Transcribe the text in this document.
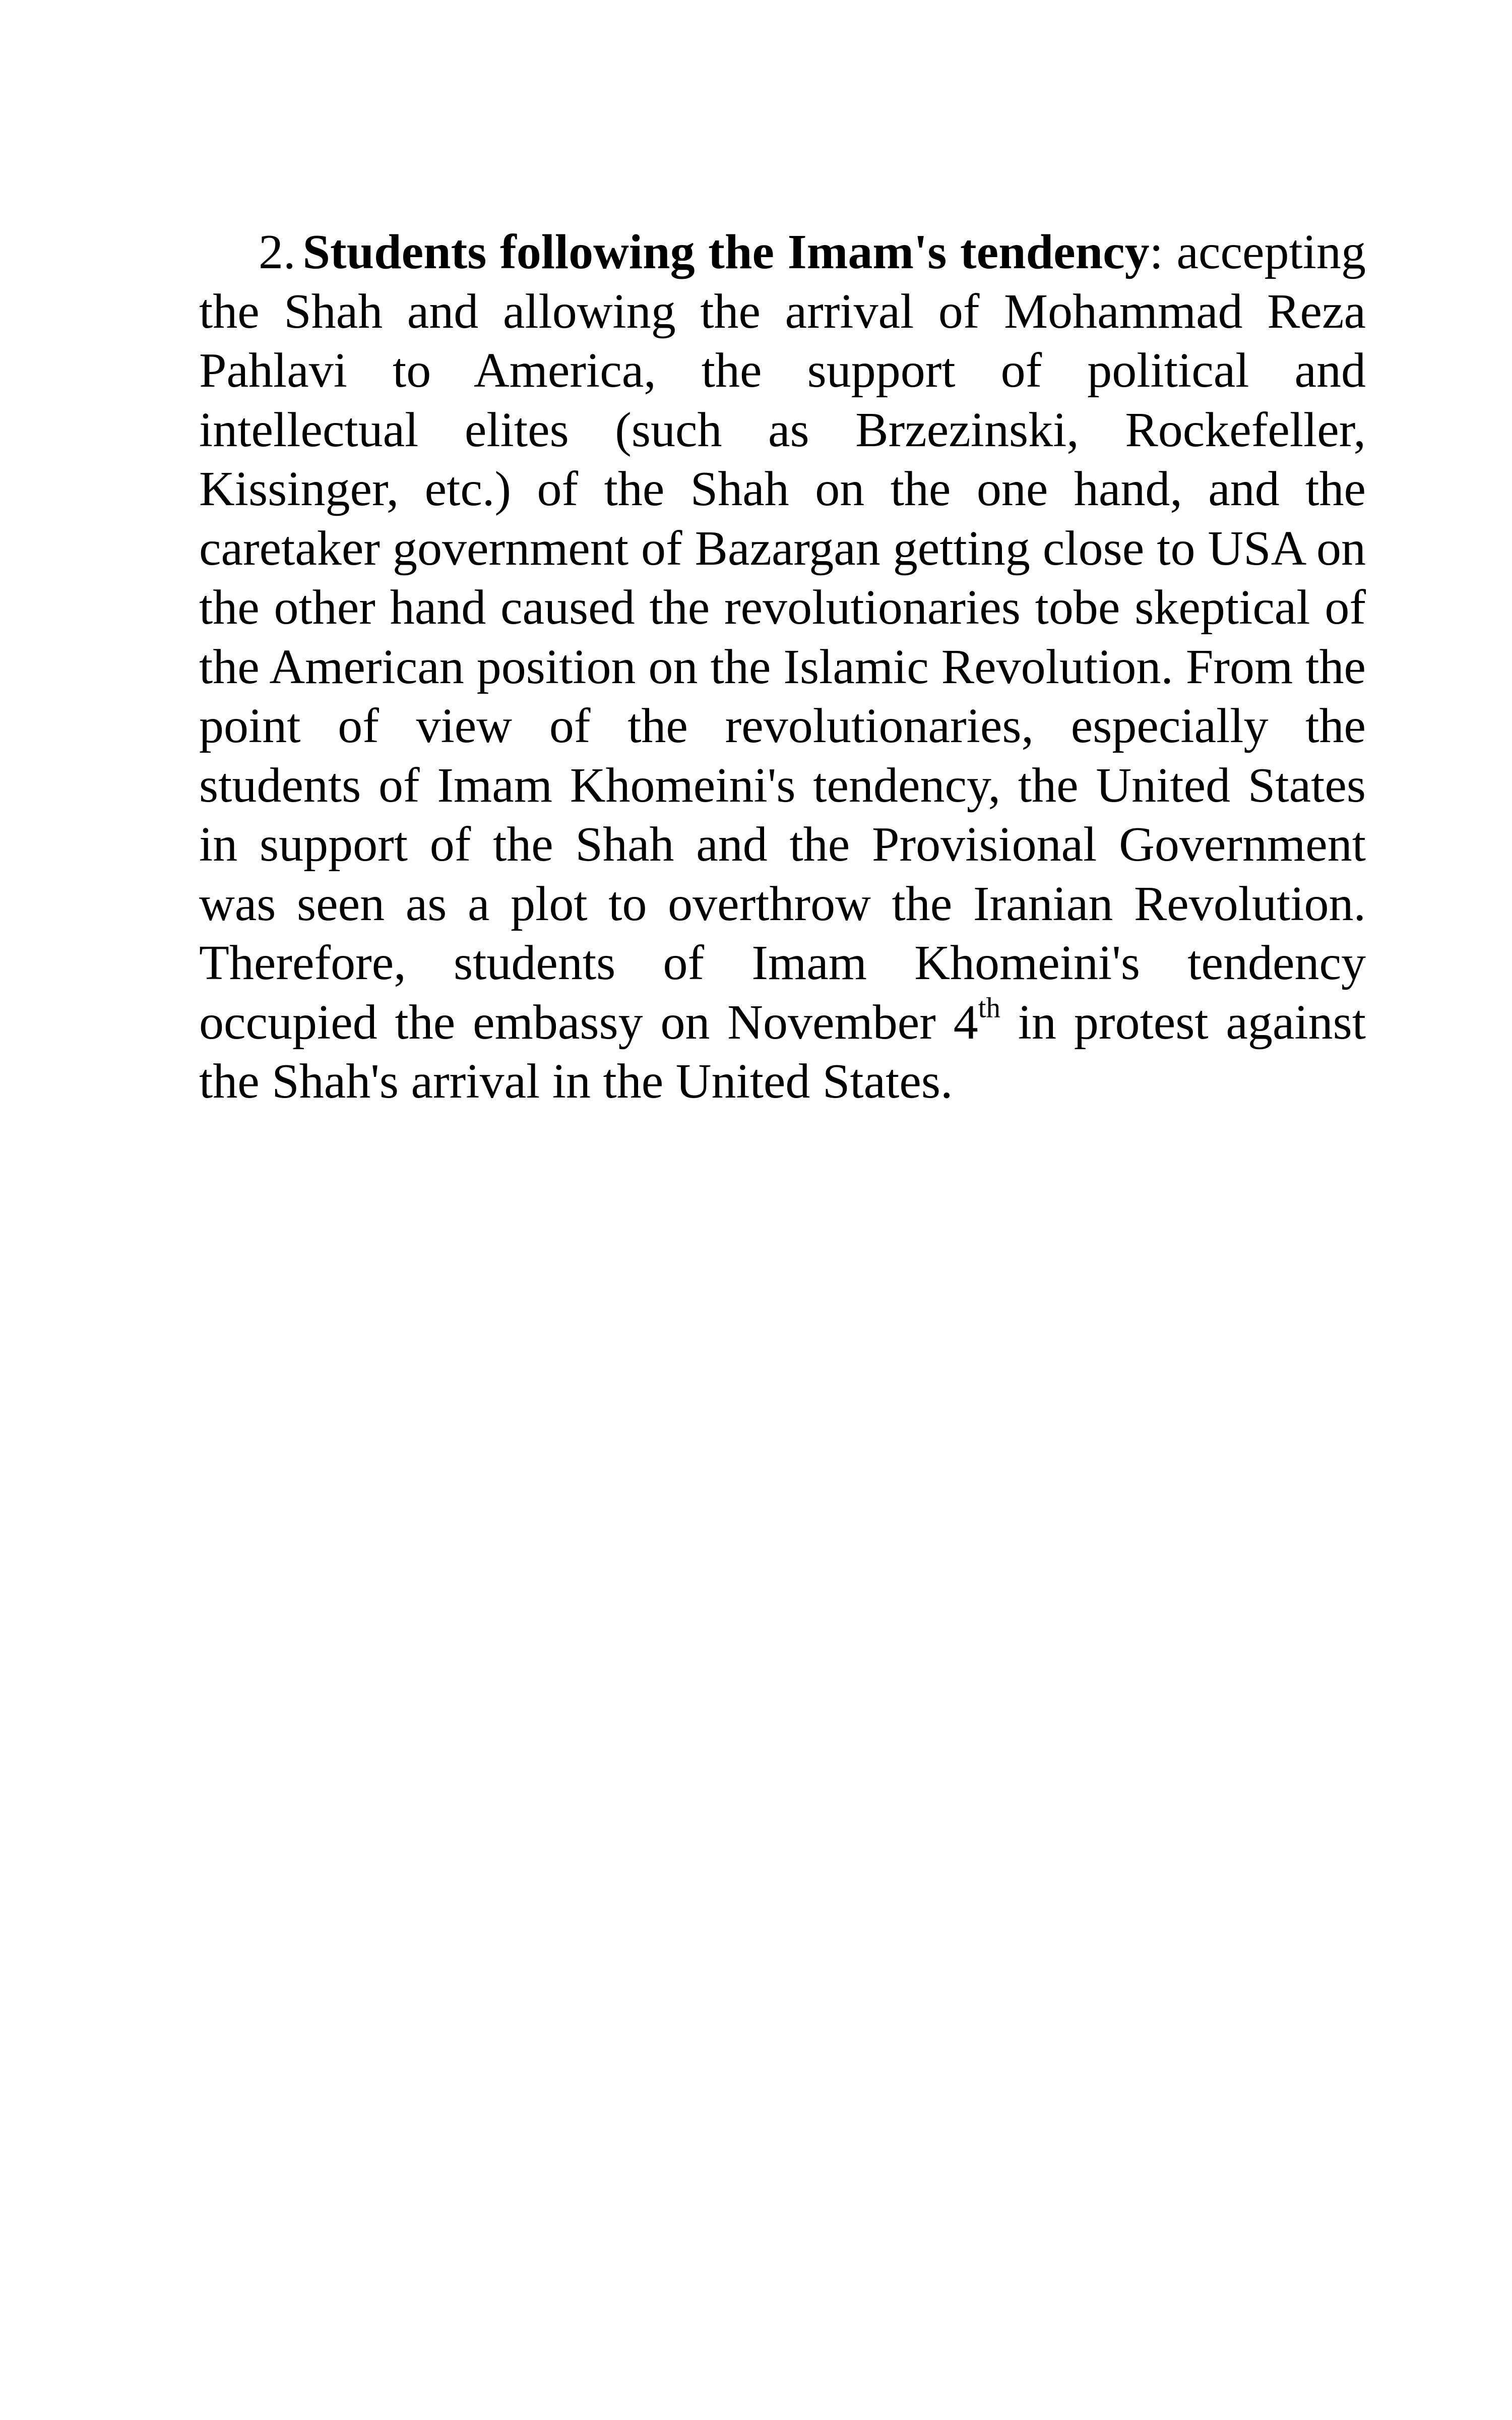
2. Students following the Imam's tendency: accepting the Shah and allowing the arrival of Mohammad Reza Pahlavi to America, the support of political and intellectual elites (such as Brzezinski, Rockefeller, Kissinger, etc.) of the Shah on the one hand, and the caretaker government of Bazargan getting close to USA on the other hand caused the revolutionaries tobe skeptical of the American position on the Islamic Revolution. From the point of view of the revolutionaries, especially the students of Imam Khomeini's tendency, the United States in support of the Shah and the Provisional Government was seen as a plot to overthrow the Iranian Revolution. Therefore, students of Imam Khomeini's tendency occupied the embassy on November 4th in protest against the Shah's arrival in the United States.
